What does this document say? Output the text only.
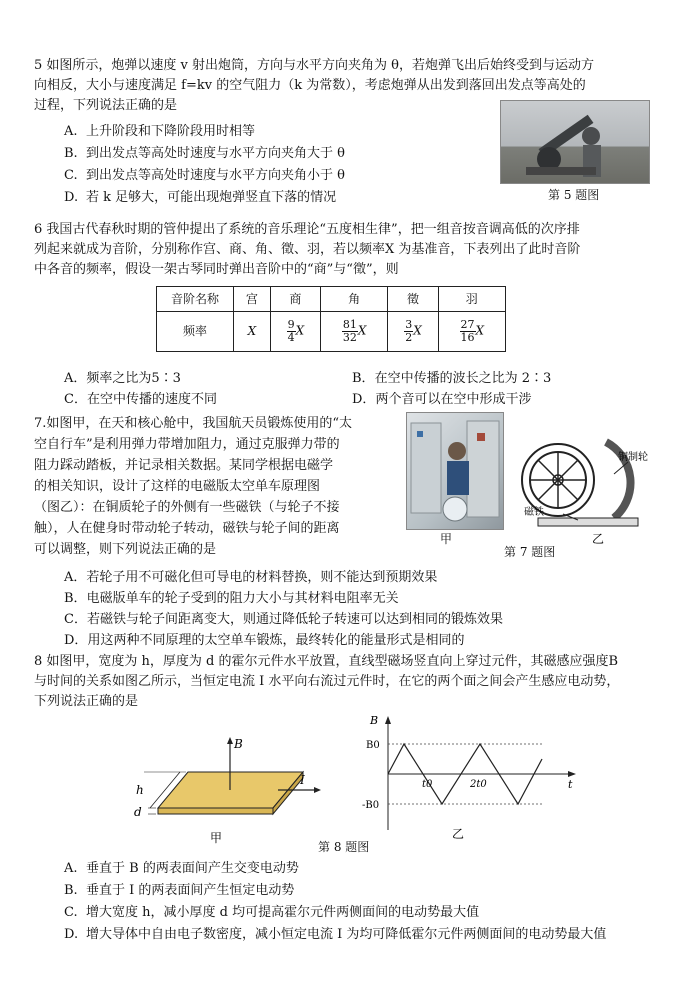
5 如图所示，炮弹以速度 v 射出炮筒，方向与水平方向夹角为 θ，若炮弹飞出后始终受到与运动方
向相反，大小与速度满足 f=kv 的空气阻力（k 为常数），考虑炮弹从出发到落回出发点等高处的
过程，下列说法正确的是
A. 上升阶段和下降阶段用时相等
B. 到出发点等高处时速度与水平方向夹角大于 θ
C. 到出发点等高处时速度与水平方向夹角小于 θ
D. 若 k 足够大，可能出现炮弹竖直下落的情况	第 5 题图
6 我国古代春秋时期的管仲提出了系统的音乐理论“五度相生律”，把一组音按音调高低的次序排
列起来就成为音阶，分别称作宫、商、角、徵、羽，若以频率X 为基准音，下表列出了此时音阶
中各音的频率，假设一架古琴同时弹出音阶中的“商”与“徵”，则
音阶名称	宫	商	角	徵	羽
频率	X	$\frac{9}{4}$ X	$\frac{81}{32}$ X	$\frac{3}{2}$ X	$\frac{27}{16}$ X
A．频率之比为5∶3	B．在空中传播的波长之比为 2∶3
C．在空中传播的速度不同	D．两个音可以在空中形成干涉
7.如图甲，在天和核心舱中，我国航天员锻炼使用的“太
空自行车”是利用弹力带增加阻力，通过克服弹力带的
阻力踩动踏板，并记录相关数据。某同学根据电磁学
的相关知识，设计了这样的电磁版太空单车原理图
（图乙）：在铜质轮子的外侧有一些磁铁（与轮子不接
触），人在健身时带动轮子转动，磁铁与轮子间的距离
可以调整，则下列说法正确的是
甲
铜制轮
磁铁
乙
第 7 题图
A．若轮子用不可磁化但可导电的材料替换，则不能达到预期效果
B．电磁版单车的轮子受到的阻力大小与其材料电阻率无关
C．若磁铁与轮子间距离变大，则通过降低轮子转速可以达到相同的锻炼效果
D．用这两种不同原理的太空单车锻炼，最终转化的能量形式是相同的
8 如图甲，宽度为 h，厚度为 d 的霍尔元件水平放置，直线型磁场竖直向上穿过元件，其磁感应强度B
与时间的关系如图乙所示，当恒定电流 I 水平向右流过元件时，在它的两个面之间会产生感应电动势，
下列说法正确的是
B
I
h
d
甲
B
t
B0
-B0
t0	2t0
乙
第 8 题图
A. 垂直于 B 的两表面间产生交变电动势
B. 垂直于 I 的两表面间产生恒定电动势
C. 增大宽度 h，减小厚度 d 均可提高霍尔元件两侧面间的电动势最大值
D. 增大导体中自由电子数密度，减小恒定电流 I 为均可降低霍尔元件两侧面间的电动势最大值
